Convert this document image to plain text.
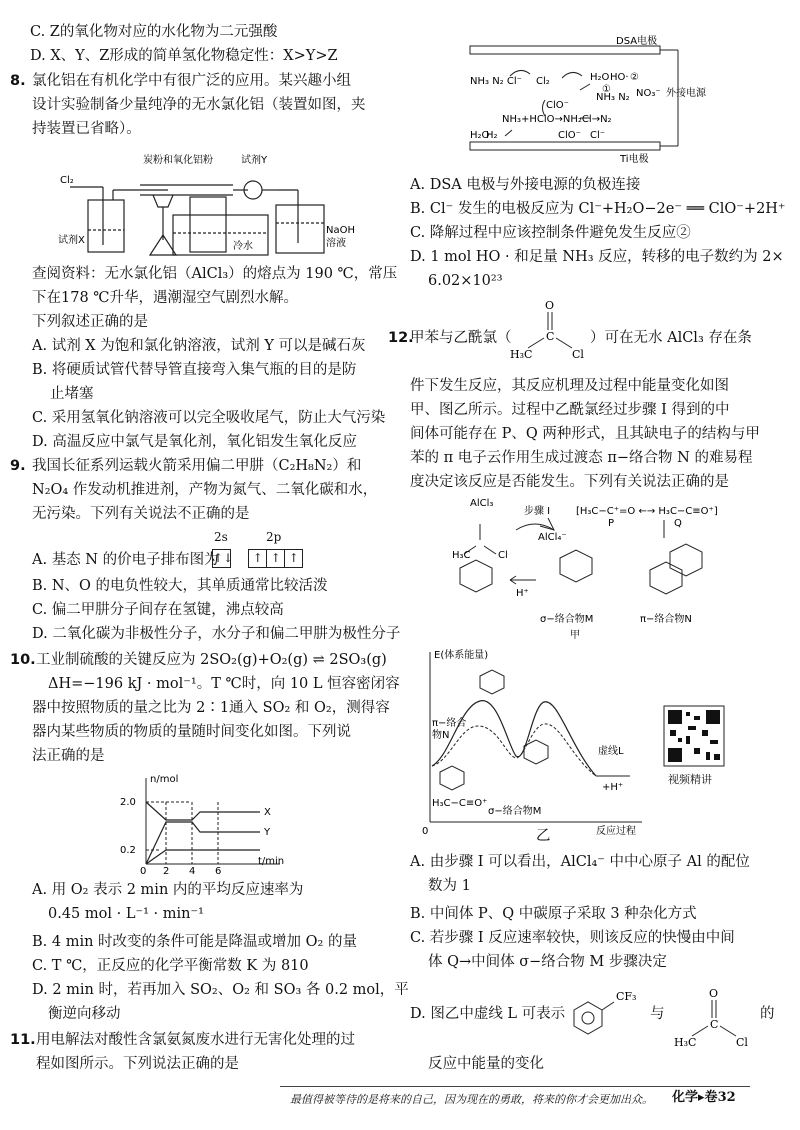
C. Z的氧化物对应的水化物为二元强酸
D. X、Y、Z形成的简单氢化物稳定性：X>Y>Z
8. 氯化铝在有机化学中有很广泛的应用。某兴趣小组
设计实验制备少量纯净的无水氯化铝（装置如图，夹
持装置已省略）。
Cl₂
炭粉和氧化铝粉	试剂Y
试剂X
冷水
NaOH
溶液
查阅资料：无水氯化铝（AlCl₃）的熔点为 190 ℃，常压
下在178 ℃升华，遇潮湿空气剧烈水解。
下列叙述正确的是
A. 试剂 X 为饱和氯化钠溶液，试剂 Y 可以是碱石灰
B. 将硬质试管代替导管直接弯入集气瓶的目的是防
止堵塞
C. 采用氢氧化钠溶液可以完全吸收尾气，防止大气污染
D. 高温反应中氯气是氧化剂，氧化铝发生氧化反应
9. 我国长征系列运载火箭采用偏二甲肼（C₂H₈N₂）和
N₂O₄ 作发动机推进剂，产物为氮气、二氧化碳和水，
无污染。下列有关说法不正确的是
2s	2p
A. 基态 N 的价电子排布图为
↑↓ ↑ ↑ ↑
B. N、O 的电负性较大，其单质通常比较活泼
C. 偏二甲肼分子间存在氢键，沸点较高
D. 二氧化碳为非极性分子，水分子和偏二甲肼为极性分子
10. 工业制硫酸的关键反应为 2SO₂(g)+O₂(g) ⇌ 2SO₃(g)
ΔH=−196 kJ · mol⁻¹。T ℃时，向 10 L 恒容密闭容
器中按照物质的量之比为 2∶1通入 SO₂ 和 O₂，测得容
器内某些物质的物质的量随时间变化如图。下列说
法正确的是
2.0
0.2
n/mol
t/min
0 2 4 6
X
Y
A. 用 O₂ 表示 2 min 内的平均反应速率为
0.45 mol · L⁻¹ · min⁻¹
B. 4 min 时改变的条件可能是降温或增加 O₂ 的量
C. T ℃，正反应的化学平衡常数 K 为 810
D. 2 min 时，若再加入 SO₂、O₂ 和 SO₃ 各 0.2 mol，平
衡逆向移动
11. 用电解法对酸性含氯氨氮废水进行无害化处理的过
程如图所示。下列说法正确的是
DSA电极
Ti电极
外接电源
NH₃ N₂ Cl⁻ Cl₂	H₂O HO·
①
②
NO₃⁻
NH₃ N₂
ClO⁻
NH₃+HClO→NH₂Cl→N₂
H₂
H₂O	ClO⁻ Cl⁻
A. DSA 电极与外接电源的负极连接
B. Cl⁻ 发生的电极反应为 Cl⁻+H₂O−2e⁻ ══ ClO⁻+2H⁺
C. 降解过程中应该控制条件避免发生反应②
D. 1 mol HO · 和足量 NH₃ 反应，转移的电子数约为 2×
6.02×10²³
12.
甲苯与乙酰氯（
O
C
H₃C	Cl
）可在无水 AlCl₃ 存在条
件下发生反应，其反应机理及过程中能量变化如图
甲、图乙所示。过程中乙酰氯经过步骤 I 得到的中
间体可能存在 P、Q 两种形式，且其缺电子的结构与甲
苯的 π 电子云作用生成过渡态 π−络合物 N 的难易程
度决定该反应是否能发生。下列有关说法正确的是
AlCl₃
步骤 I
AlCl₄⁻
[H₃C−C⁺=O ←→ H₃C−C≡O⁺]
P	Q
H₃C	Cl
H⁺
σ−络合物M	π−络合物N
甲
E(体系能量)
反应过程
0
π−络合
物N
σ−络合物M
虚线L
+H⁺
H₃C−C≡O⁺
乙
视频精讲
A. 由步骤 I 可以看出，AlCl₄⁻ 中中心原子 Al 的配位
数为 1
B. 中间体 P、Q 中碳原子采取 3 种杂化方式
C. 若步骤 I 反应速率较快，则该反应的快慢由中间
体 Q→中间体 σ−络合物 M 步骤决定
D. 图乙中虚线 L 可表示
CF₃
与
O
C
H₃C	Cl
的
反应中能量的变化
最值得被等待的是将来的自己，因为现在的勇敢，将来的你才会更加出众。 化学▸卷32
